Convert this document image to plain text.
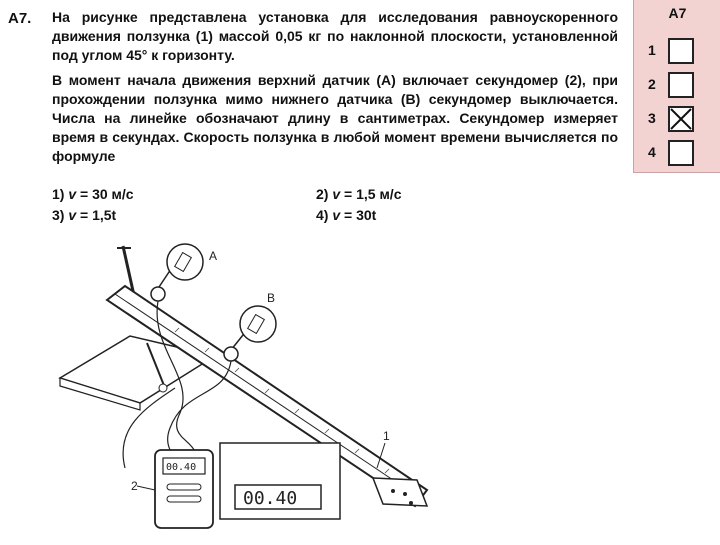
А7. На рисунке представлена установка для исследования равноускоренного движения ползунка (1) массой 0,05 кг по наклонной плоскости, установленной под углом 45° к горизонту.

В момент начала движения верхний датчик (А) включает секундомер (2), при прохождении ползунка мимо нижнего датчика (В) секундомер выключается. Числа на линейке обозначают длину в сантиметрах. Секундомер измеряет время в секундах. Скорость ползунка в любой момент времени вычисляется по формуле

1) v = 30 м/с	2) v = 1,5 м/с
3) v = 1,5t	4) v = 30t
А7
1
2
3
4
1
A
B
00.40
2
00.40
